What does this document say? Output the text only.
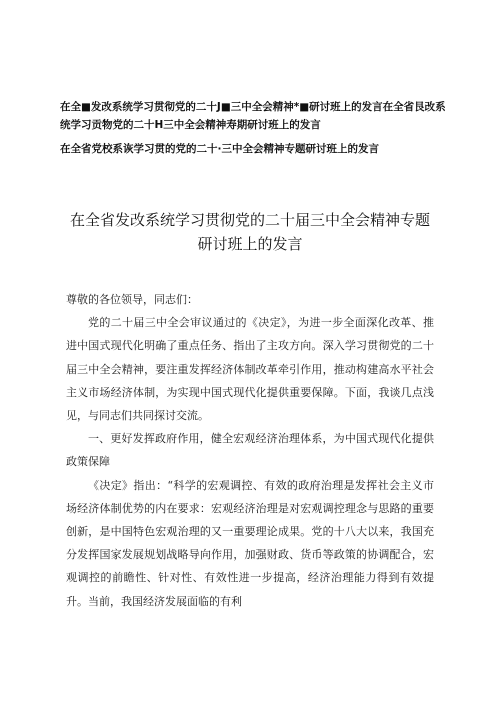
在全■发改系统学习贯彻党的二十J■三中全会精神*■研讨班上的发言在全省艮改系统学习贡物党的二十H三中全会精神寿期研讨班上的发言
在全省党校系诙学习贯的党的二十·三中全会精神专题研讨班上的发言
在全省发改系统学习贯彻党的二十届三中全会精神专题
研讨班上的发言

尊敬的各位领导，同志们：

党的二十届三中全会审议通过的《决定》，为进一步全面深化改革、推进中国式现代化明确了重点任务、指出了主攻方向。深入学习贯彻党的二十届三中全会精神，要注重发挥经济体制改革牵引作用，推动构建高水平社会主义市场经济体制，为实现中国式现代化提供重要保障。下面，我谈几点浅见，与同志们共同探讨交流。

一、更好发挥政府作用，健全宏观经济治理体系，为中国式现代化提供政策保障

《决定》指出：“科学的宏观调控、有效的政府治理是发挥社会主义市场经济体制优势的内在要求：宏观经济治理是对宏观调控理念与思路的重要创新，是中国特色宏观治理的又一重要理论成果。党的十八大以来，我国充分发挥国家发展规划战略导向作用，加强财政、货币等政策的协调配合，宏观调控的前瞻性、针对性、有效性进一步提高，经济治理能力得到有效提升。当前，我国经济发展面临的有利
